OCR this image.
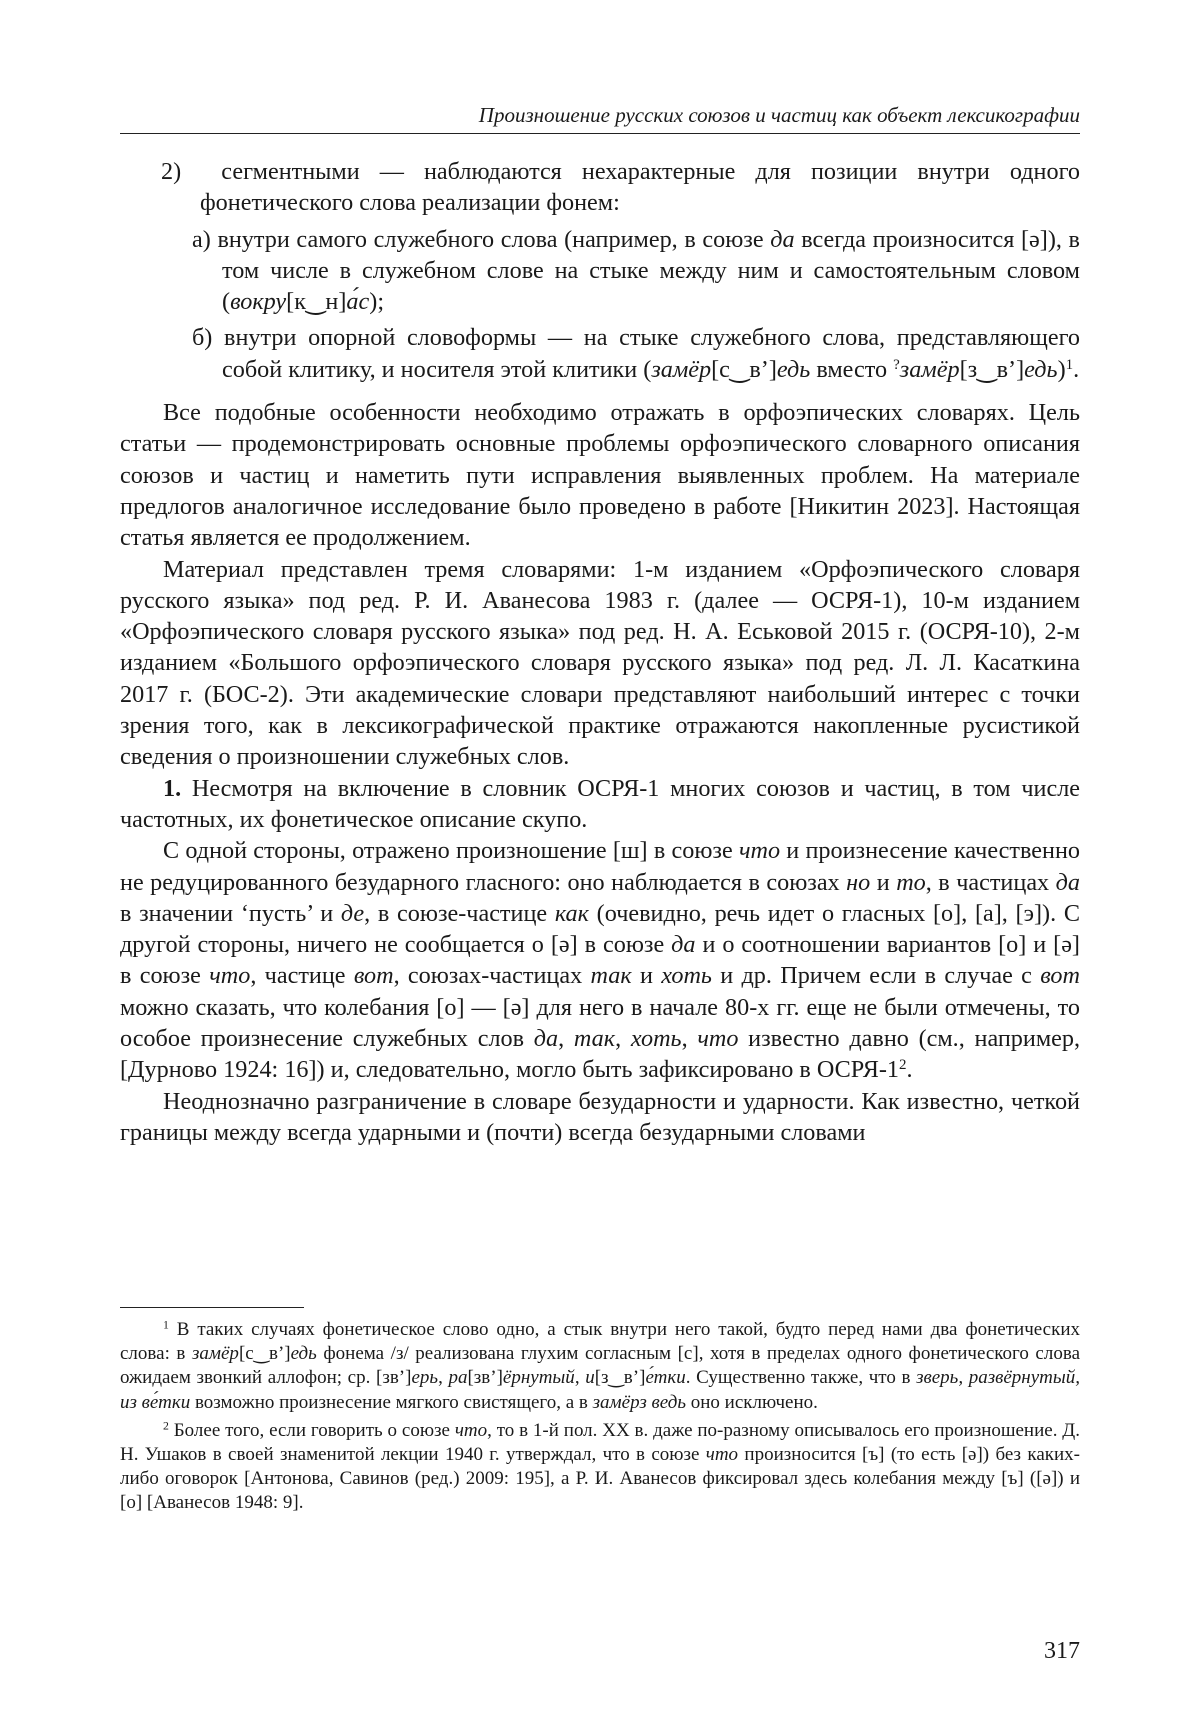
Произношение русских союзов и частиц как объект лексикографии

2) сегментными — наблюдаются нехарактерные для позиции внутри одного фонетического слова реализации фонем:

а) внутри самого служебного слова (например, в союзе да всегда произносится [ə]), в том числе в служебном слове на стыке между ним и самостоятельным словом (вокру[к‿н]а́с);

б) внутри опорной словоформы — на стыке служебного слова, представляющего собой клитику, и носителя этой клитики (замёр[с‿в’]едь вместо ?замёр[з‿в’]едь)$^1$.

Все подобные особенности необходимо отражать в орфоэпических словарях. Цель статьи — продемонстрировать основные проблемы орфоэпического словарного описания союзов и частиц и наметить пути исправления выявленных проблем. На материале предлогов аналогичное исследование было проведено в работе [Никитин 2023]. Настоящая статья является ее продолжением.

Материал представлен тремя словарями: 1-м изданием «Орфоэпического словаря русского языка» под ред. Р. И. Аванесова 1983 г. (далее — ОСРЯ-1), 10-м изданием «Орфоэпического словаря русского языка» под ред. Н. А. Еськовой 2015 г. (ОСРЯ-10), 2-м изданием «Большого орфоэпического словаря русского языка» под ред. Л. Л. Касаткина 2017 г. (БОС-2). Эти академические словари представляют наибольший интерес с точки зрения того, как в лексикографической практике отражаются накопленные русистикой сведения о произношении служебных слов.

1. Несмотря на включение в словник ОСРЯ-1 многих союзов и частиц, в том числе частотных, их фонетическое описание скупо.

С одной стороны, отражено произношение [ш] в союзе что и произнесение качественно не редуцированного безударного гласного: оно наблюдается в союзах но и то, в частицах да в значении ‘пусть’ и де, в союзе-частице как (очевидно, речь идет о гласных [о], [а], [э]). С другой стороны, ничего не сообщается о [ə] в союзе да и о соотношении вариантов [о] и [ə] в союзе что, частице вот, союзах-частицах так и хоть и др. Причем если в случае с вот можно сказать, что колебания [о] — [ə] для него в начале 80-х гг. еще не были отмечены, то особое произнесение служебных слов да, так, хоть, что известно давно (см., например, [Дурново 1924: 16]) и, следовательно, могло быть зафиксировано в ОСРЯ-$1^2$.

Неоднозначно разграничение в словаре безударности и ударности. Как известно, четкой границы между всегда ударными и (почти) всегда безударными словами

$^1$ В таких случаях фонетическое слово одно, а стык внутри него такой, будто перед нами два фонетических слова: в замёр[с‿в’]едь фонема /з/ реализована глухим согласным [с], хотя в пределах одного фонетического слова ожидаем звонкий аллофон; ср. [зв’]ерь, ра[зв’]ёрнутый, и[з‿в’]е́тки. Существенно также, что в зверь, развёрнутый, из ве́тки возможно произнесение мягкого свистящего, а в замёрз ведь оно исключено.

$^2$ Более того, если говорить о союзе что, то в 1-й пол. XX в. даже по-разному описывалось его произношение. Д. Н. Ушаков в своей знаменитой лекции 1940 г. утверждал, что в союзе что произносится [ъ] (то есть [ə]) без каких-либо оговорок [Антонова, Савинов (ред.) 2009: 195], а Р. И. Аванесов фиксировал здесь колебания между [ъ] ([ə]) и [о] [Аванесов 1948: 9].

317
